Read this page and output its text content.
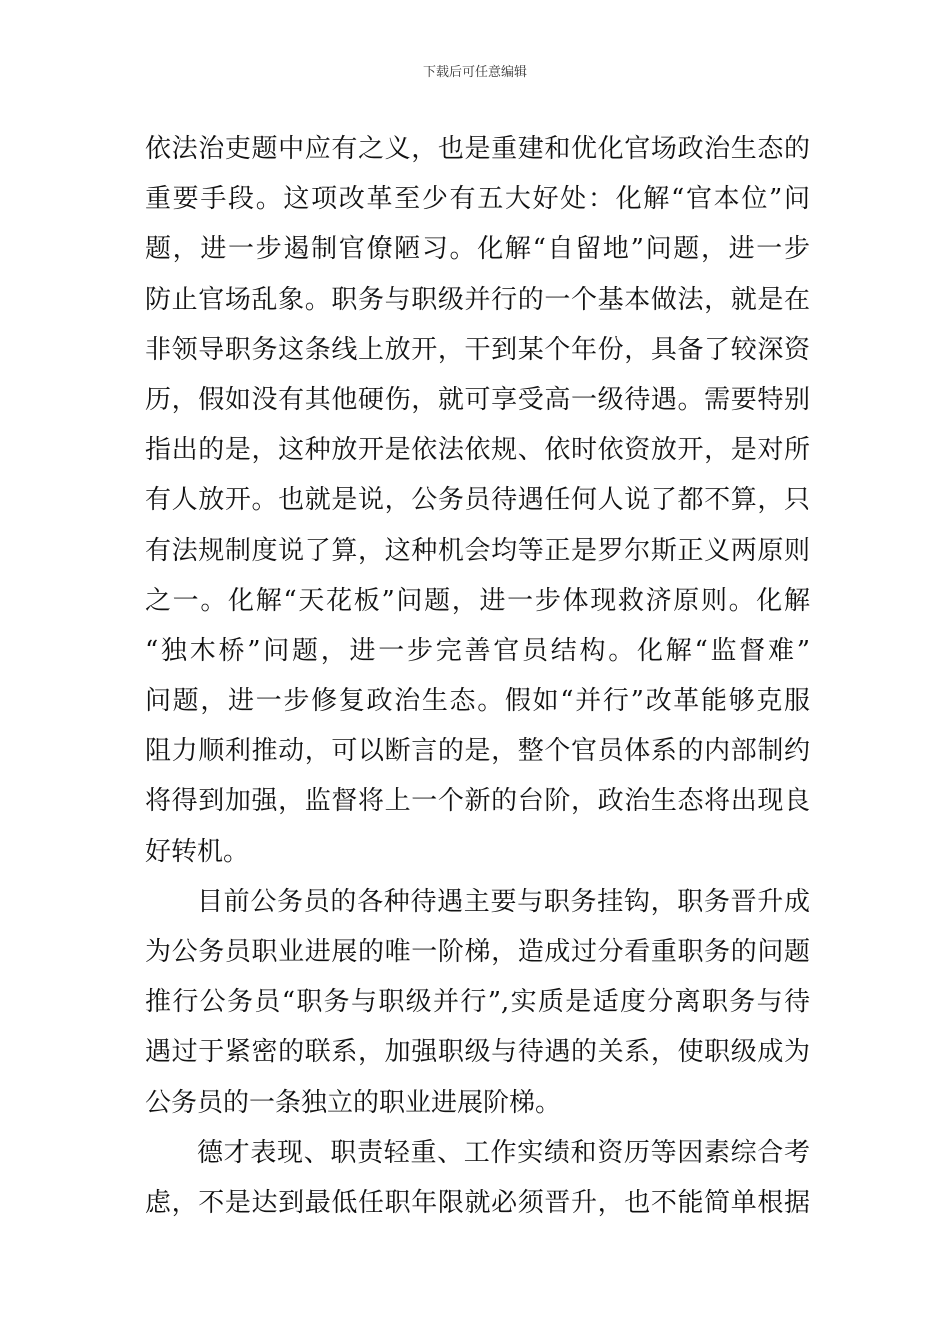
下载后可任意编辑
依法治吏题中应有之义，也是重建和优化官场政治生态的
重要手段。这项改革至少有五大好处：化解“官本位”问
题，进一步遏制官僚陋习。化解“自留地”问题，进一步
防止官场乱象。职务与职级并行的一个基本做法，就是在
非领导职务这条线上放开，干到某个年份，具备了较深资
历，假如没有其他硬伤，就可享受高一级待遇。需要特别
指出的是，这种放开是依法依规、依时依资放开，是对所
有人放开。也就是说，公务员待遇任何人说了都不算，只
有法规制度说了算，这种机会均等正是罗尔斯正义两原则
之一。化解“天花板”问题，进一步体现救济原则。化解
“独木桥”问题，进一步完善官员结构。化解“监督难”
问题，进一步修复政治生态。假如“并行”改革能够克服
阻力顺利推动，可以断言的是，整个官员体系的内部制约
将得到加强，监督将上一个新的台阶，政治生态将出现良
好转机。
目前公务员的各种待遇主要与职务挂钩，职务晋升成
为公务员职业进展的唯一阶梯，造成过分看重职务的问题
推行公务员“职务与职级并行”,实质是适度分离职务与待
遇过于紧密的联系，加强职级与待遇的关系，使职级成为
公务员的一条独立的职业进展阶梯。
德才表现、职责轻重、工作实绩和资历等因素综合考
虑，不是达到最低任职年限就必须晋升，也不能简单根据
